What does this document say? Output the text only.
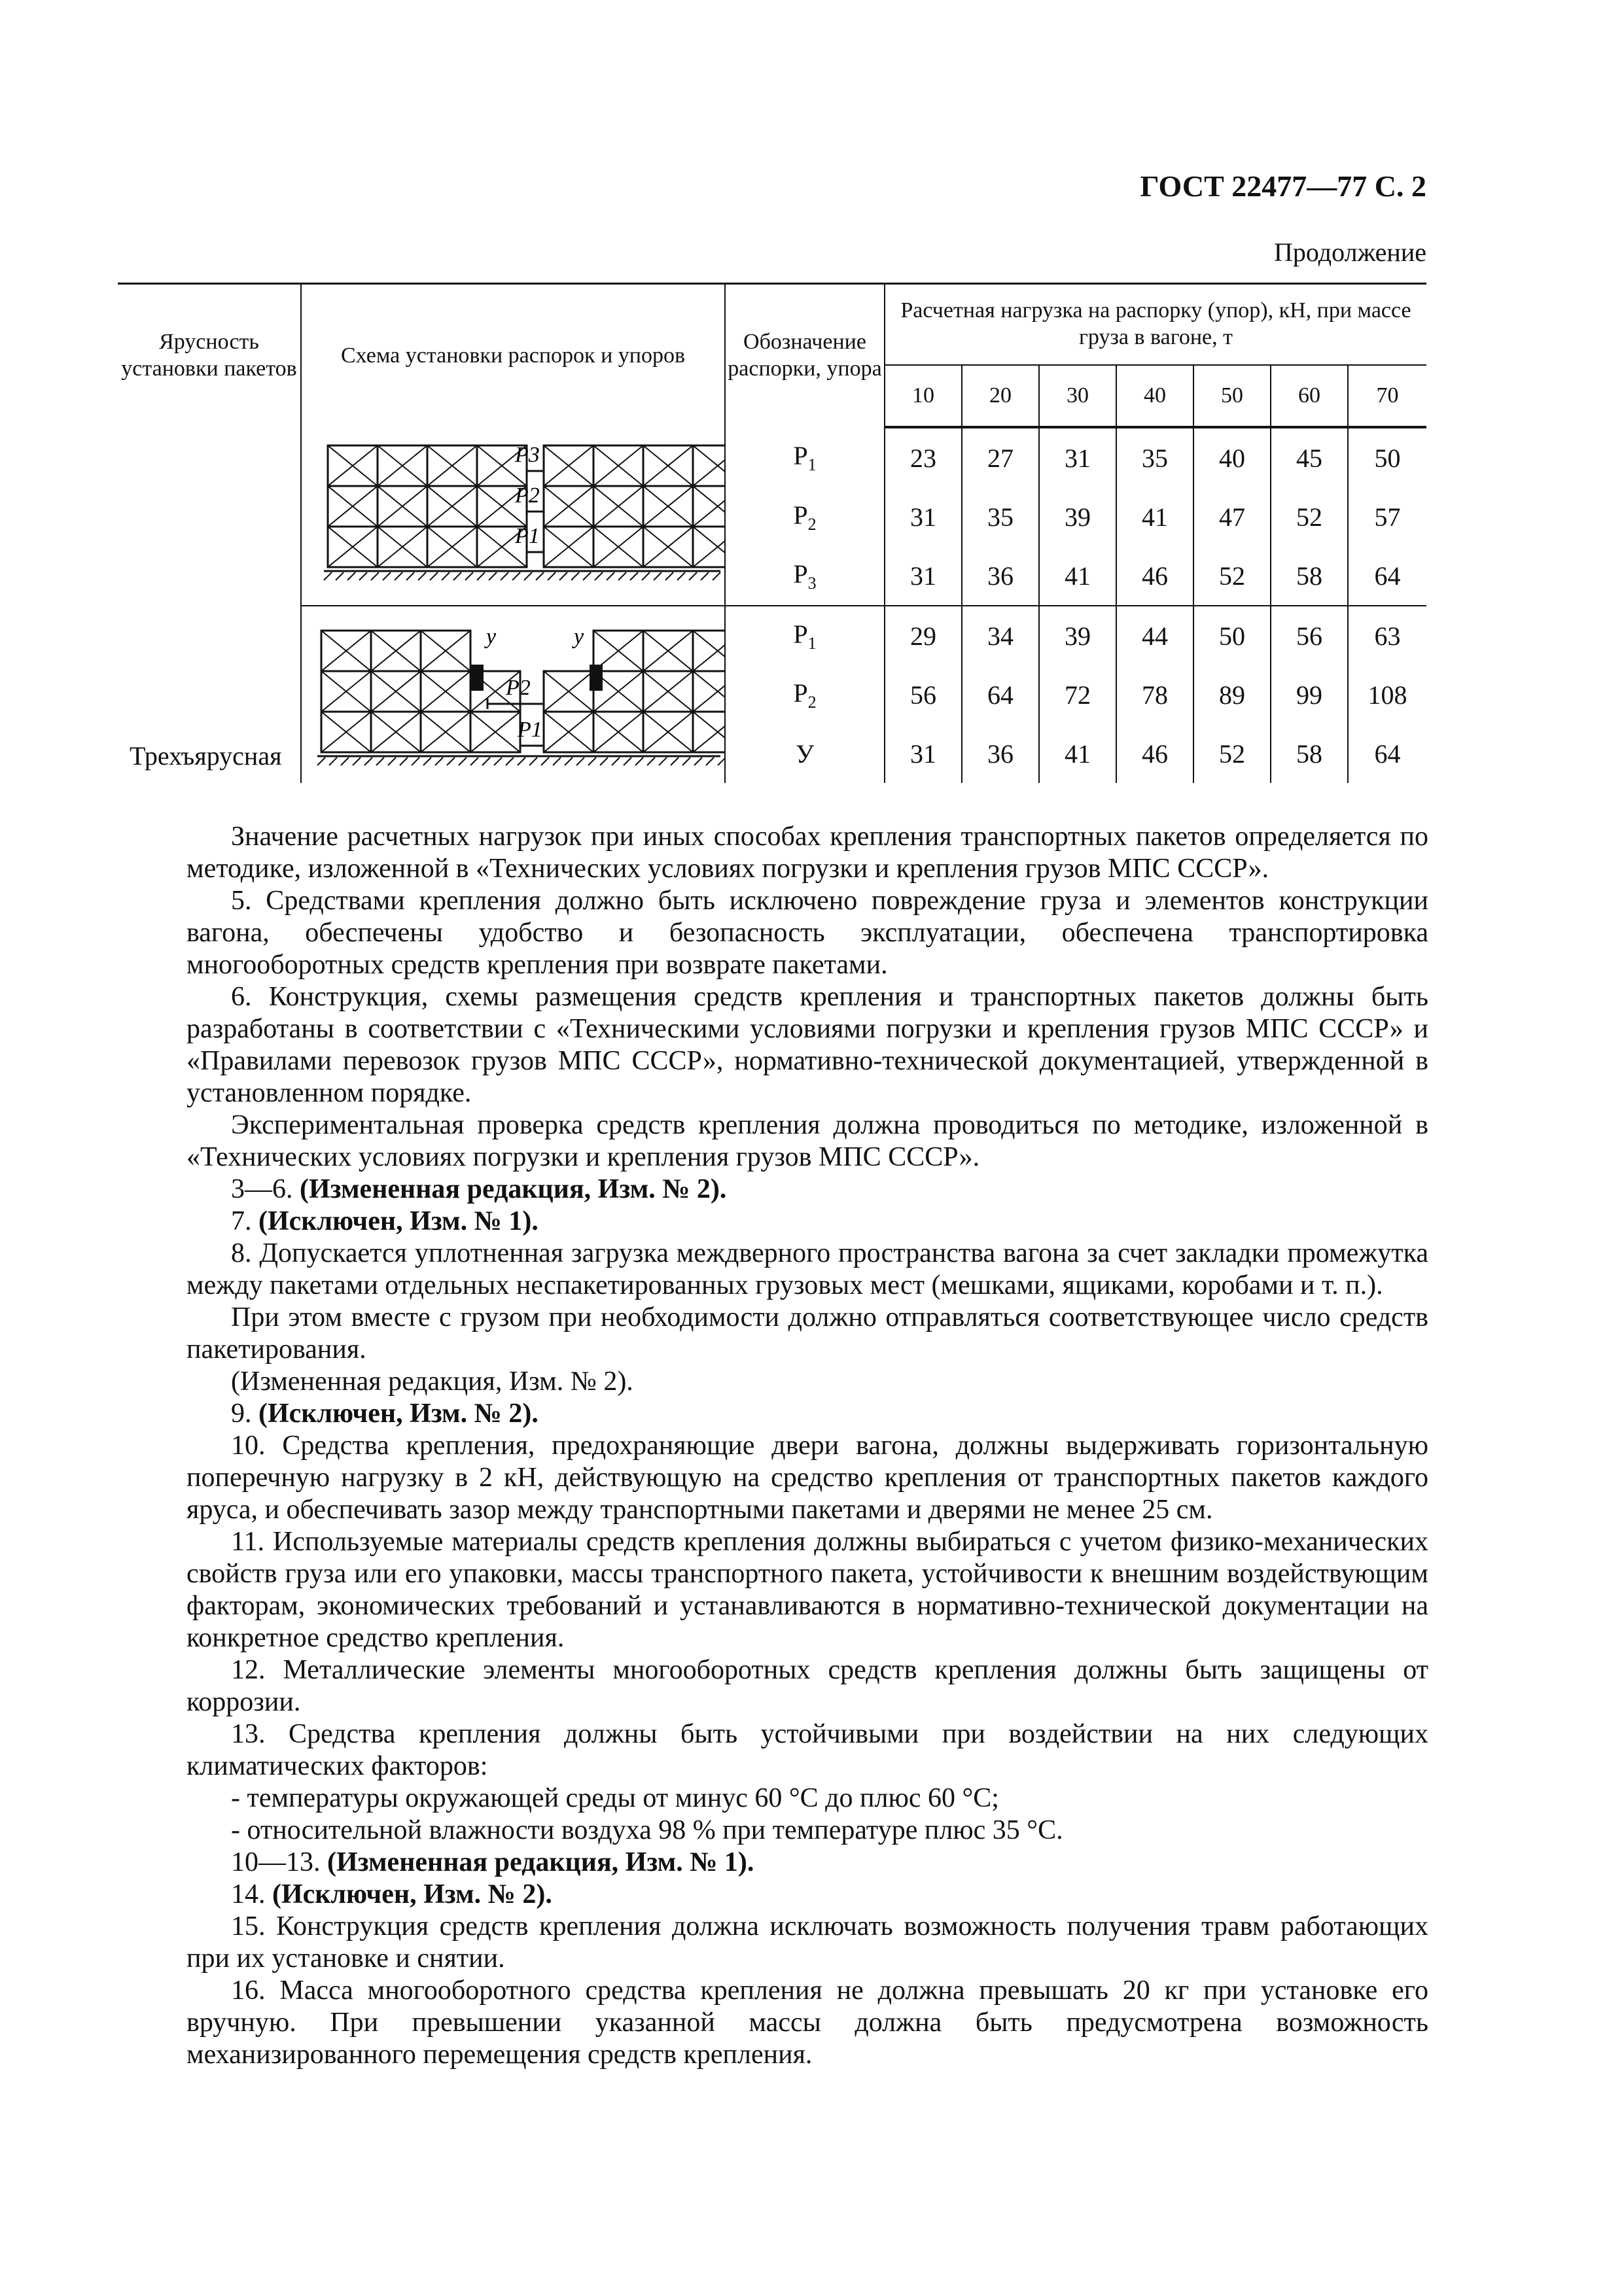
ГОСТ 22477—77 С. 2
Продолжение
Ярусность установки пакетов	Схема установки распорок и упоров	Обозначение распорки, упора	Расчетная нагрузка на распорку (упор), кН, при массе груза в вагоне, т						
			10	20	30	40	50	60	70
Трехъярусная	P3
P2
P1	$Р_1$	23	27	31	35	40	45	50
		$Р_2$	31	35	39	41	47	52	57
		$Р_3$	31	36	41	46	52	58	64

у у
P2
P1	$Р_1$	29	34	39	44	50	56	63
		$Р_2$	56	64	72	78	89	99	108
		У	31	36	41	46	52	58	64

Значение расчетных нагрузок при иных способах крепления транспортных пакетов определяется по методике, изложенной в «Технических условиях погрузки и крепления грузов МПС СССР».

5. Средствами крепления должно быть исключено повреждение груза и элементов конструкции вагона, обеспечены удобство и безопасность эксплуатации, обеспечена транспортировка многооборотных средств крепления при возврате пакетами.

6. Конструкция, схемы размещения средств крепления и транспортных пакетов должны быть разработаны в соответствии с «Техническими условиями погрузки и крепления грузов МПС СССР» и «Правилами перевозок грузов МПС СССР», нормативно-технической документацией, утвержденной в установленном порядке.

Экспериментальная проверка средств крепления должна проводиться по методике, изложенной в «Технических условиях погрузки и крепления грузов МПС СССР».

3—6. (Измененная редакция, Изм. № 2).

7. (Исключен, Изм. № 1).

8. Допускается уплотненная загрузка междверного пространства вагона за счет закладки промежутка между пакетами отдельных неспакетированных грузовых мест (мешками, ящиками, коробами и т. п.).

При этом вместе с грузом при необходимости должно отправляться соответствующее число средств пакетирования.

(Измененная редакция, Изм. № 2).

9. (Исключен, Изм. № 2).

10. Средства крепления, предохраняющие двери вагона, должны выдерживать горизонтальную поперечную нагрузку в 2 кН, действующую на средство крепления от транспортных пакетов каждого яруса, и обеспечивать зазор между транспортными пакетами и дверями не менее 25 см.

11. Используемые материалы средств крепления должны выбираться с учетом физико-механических свойств груза или его упаковки, массы транспортного пакета, устойчивости к внешним воздействующим факторам, экономических требований и устанавливаются в нормативно-технической документации на конкретное средство крепления.

12. Металлические элементы многооборотных средств крепления должны быть защищены от коррозии.

13. Средства крепления должны быть устойчивыми при воздействии на них следующих климатических факторов:

- температуры окружающей среды от минус 60 °С до плюс 60 °С;

- относительной влажности воздуха 98 % при температуре плюс 35 °С.

10—13. (Измененная редакция, Изм. № 1).

14. (Исключен, Изм. № 2).

15. Конструкция средств крепления должна исключать возможность получения травм работающих при их установке и снятии.

16. Масса многооборотного средства крепления не должна превышать 20 кг при установке его вручную. При превышении указанной массы должна быть предусмотрена возможность механизированного перемещения средств крепления.
